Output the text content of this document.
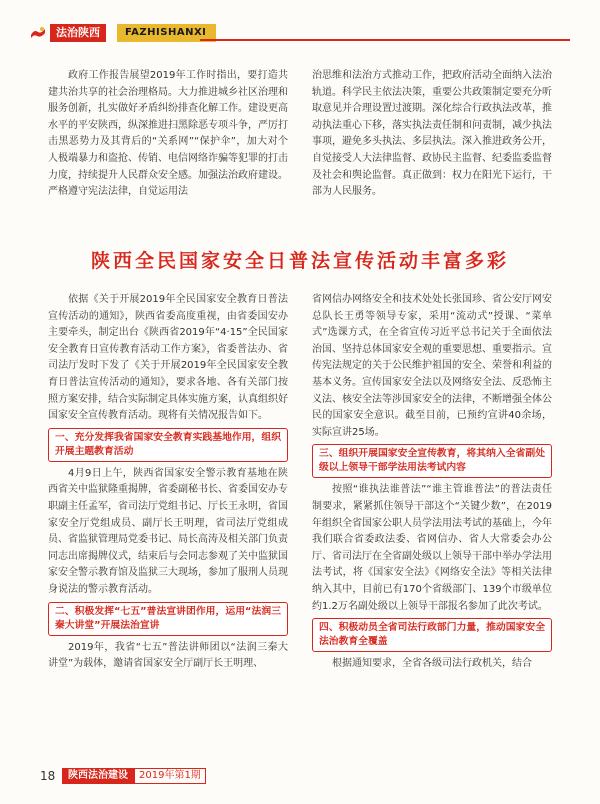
法治陕西	FAZHISHANXI

政府工作报告展望2019年工作时指出，要打造共建共治共享的社会治理格局。大力推进城乡社区治理和服务创新，扎实做好矛盾纠纷排查化解工作。建设更高水平的平安陕西，纵深推进扫黑除恶专项斗争，严厉打击黑恶势力及其背后的“关系网”“保护伞”，加大对个人极端暴力和盗抢、传销、电信网络诈骗等犯罪的打击力度，持续提升人民群众安全感。加强法治政府建设。严格遵守宪法法律，自觉运用法

治思维和法治方式推动工作，把政府活动全面纳入法治轨道。科学民主依法决策，重要公共政策制定要充分听取意见并合理设置过渡期。深化综合行政执法改革，推动执法重心下移，落实执法责任制和问责制，减少执法事项，避免多头执法、多层执法。深入推进政务公开，自觉接受人大法律监督、政协民主监督、纪委监委监督及社会和舆论监督。真正做到：权力在阳光下运行，干部为人民服务。

陕西全民国家安全日普法宣传活动丰富多彩

依据《关于开展2019年全民国家安全教育日普法宣传活动的通知》，陕西省委高度重视，由省委国安办主要牵头，制定出台《陕西省2019年“4·15”全民国家安全教育日宣传教育活动工作方案》，省委普法办、省司法厅发时下发了《关于开展2019年全民国家安全教育日普法宣传活动的通知》，要求各地、各有关部门按照方案安排，结合实际制定具体实施方案，认真组织好国家安全宣传教育活动。现将有关情况报告如下。

一、充分发挥我省国家安全教育实践基地作用，组织开展主题教育活动

4月9日上午，陕西省国家安全警示教育基地在陕西省关中监狱隆重揭牌，省委副秘书长、省委国安办专职副主任孟军，省司法厅党组书记、厅长王永明，省国家安全厅党组成员、副厅长王明理，省司法厅党组成员、省监狱管理局党委书记、局长高涛及相关部门负责同志出席揭牌仪式，结束后与会同志参观了关中监狱国家安全警示教育馆及监狱三大现场，参加了服刑人员现身说法的警示教育活动。

二、积极发挥“七五”普法宣讲团作用，运用“法润三秦大讲堂”开展法治宣讲

2019年，我省“七五”普法讲师团以“法润三秦大讲堂”为载体，邀请省国家安全厅副厅长王明理、

省网信办网络安全和技术处处长张国珍、省公安厅网安总队长王勇等领导专家，采用“流动式”授课、“菜单式”选课方式，在全省宣传习近平总书记关于全面依法治国、坚持总体国家安全观的重要思想、重要指示。宣传宪法规定的关于公民维护祖国的安全、荣誉和利益的基本义务。宣传国家安全法以及网络安全法、反恐怖主义法、核安全法等涉国家安全的法律，不断增强全体公民的国家安全意识。截至目前，已预约宣讲40余场，实际宣讲25场。

三、组织开展国家安全宣传教育，将其纳入全省副处级以上领导干部学法用法考试内容

按照“谁执法谁普法”“谁主管谁普法”的普法责任制要求，紧紧抓住领导干部这个“关键少数”，在2019年组织全省国家公职人员学法用法考试的基础上，今年我们联合省委政法委、省网信办、省人大常委会办公厅、省司法厅在全省副处级以上领导干部中举办学法用法考试，将《国家安全法》《网络安全法》等相关法律纳入其中，目前已有170个省级部门、139个市级单位约1.2万名副处级以上领导干部报名参加了此次考试。

四、积极动员全省司法行政部门力量，推动国家安全法治教育全覆盖

根据通知要求，全省各级司法行政机关，结合

18	陕西法治建设	2019年第1期
